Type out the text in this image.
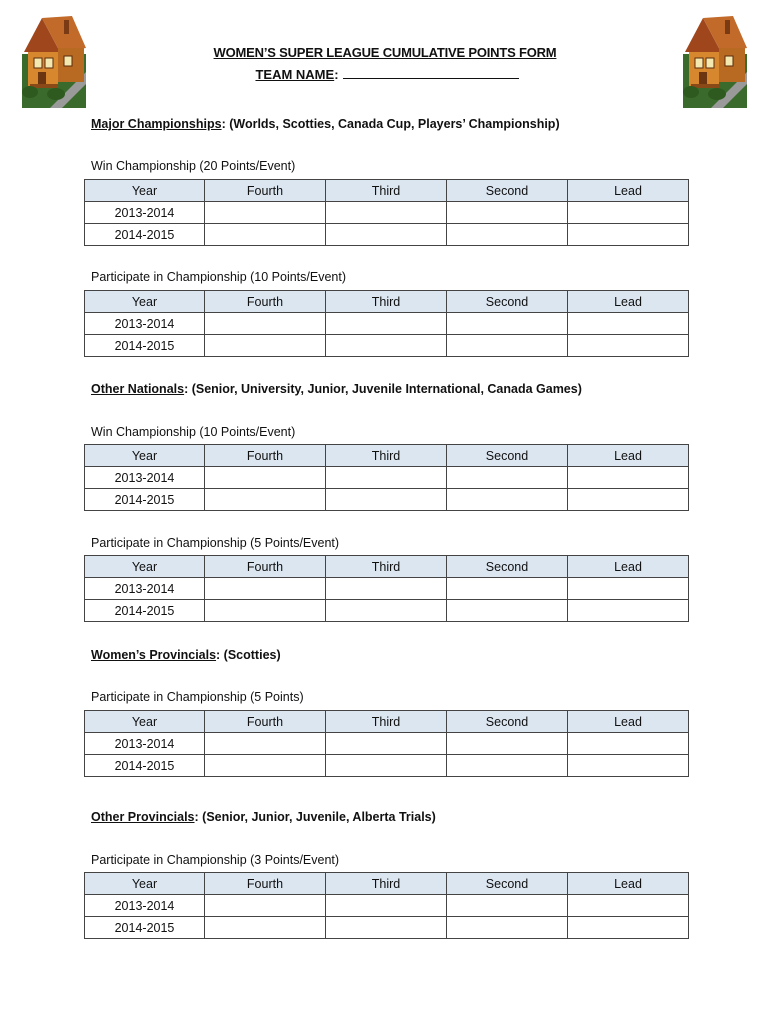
WOMEN’S SUPER LEAGUE CUMULATIVE POINTS FORM
TEAM NAME:
Major Championships: (Worlds, Scotties, Canada Cup, Players’ Championship)
Win Championship (20 Points/Event)
Year	Fourth	Third	Second	Lead
2013-2014				
2014-2015				
Participate in Championship (10 Points/Event)
Year	Fourth	Third	Second	Lead
2013-2014				
2014-2015				
Other Nationals: (Senior, University, Junior, Juvenile International, Canada Games)
Win Championship (10 Points/Event)
Year	Fourth	Third	Second	Lead
2013-2014				
2014-2015				
Participate in Championship (5 Points/Event)
Year	Fourth	Third	Second	Lead
2013-2014				
2014-2015				
Women’s Provincials: (Scotties)
Participate in Championship (5 Points)
Year	Fourth	Third	Second	Lead
2013-2014				
2014-2015				
Other Provincials: (Senior, Junior, Juvenile, Alberta Trials)
Participate in Championship (3 Points/Event)
Year	Fourth	Third	Second	Lead
2013-2014				
2014-2015				
